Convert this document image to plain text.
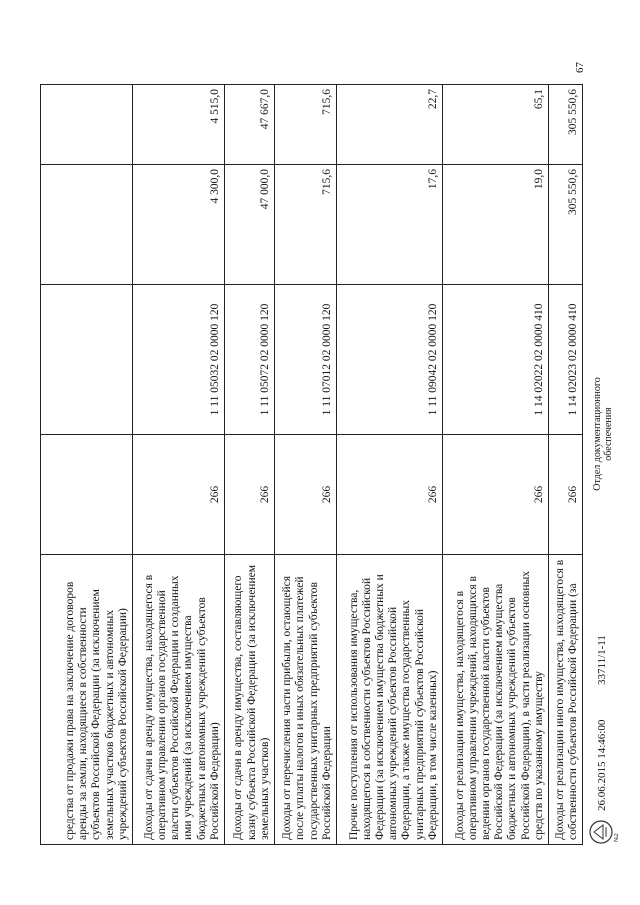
67
средства от продажи права на заключение договоров аренды за земли, находящиеся в собственности субъектов Российской Федерации (за исключением земельных участков бюджетных и автономных учреждений субъектов Российской Федерации)				
Доходы от сдачи в аренду имущества, находящегося в оперативном управлении органов государственной власти субъектов Российской Федерации и созданных ими учреждений (за исключением имущества бюджетных и автономных учреждений субъектов Российской Федерации)	266	1 11 05032 02 0000 120	4 300,0	4 515,0
Доходы от сдачи в аренду имущества, составляющего казну субъекта Российской Федерации (за исключением земельных участков)	266	1 11 05072 02 0000 120	47 000,0	47 667,0
Доходы от перечисления части прибыли, остающейся после уплаты налогов и иных обязательных платежей государственных унитарных предприятий субъектов Российской Федерации	266	1 11 07012 02 0000 120	715,6	715,6
Прочие поступления от использования имущества, находящегося в собственности субъектов Российской Федерации (за исключением имущества бюджетных и автономных учреждений субъектов Российской Федерации, а также имущества государственных унитарных предприятий субъектов Российской Федерации, в том числе казенных)	266	1 11 09042 02 0000 120	17,6	22,7
Доходы от реализации имущества, находящегося в оперативном управлении учреждений, находящихся в ведении органов государственной власти субъектов Российской Федерации (за исключением имущества бюджетных и автономных учреждений субъектов Российской Федерации), в части реализации основных средств по указанному имуществу	266	1 14 02022 02 0000 410	19,0	65,1
Доходы от реализации иного имущества, находящегося в собственности субъектов Российской Федерации (за	266	1 14 02023 02 0000 410	305 550,6	305 550,6
№2
26.06.2015 14:46:00
33711/1-11
Отдел документационного обеспечения
